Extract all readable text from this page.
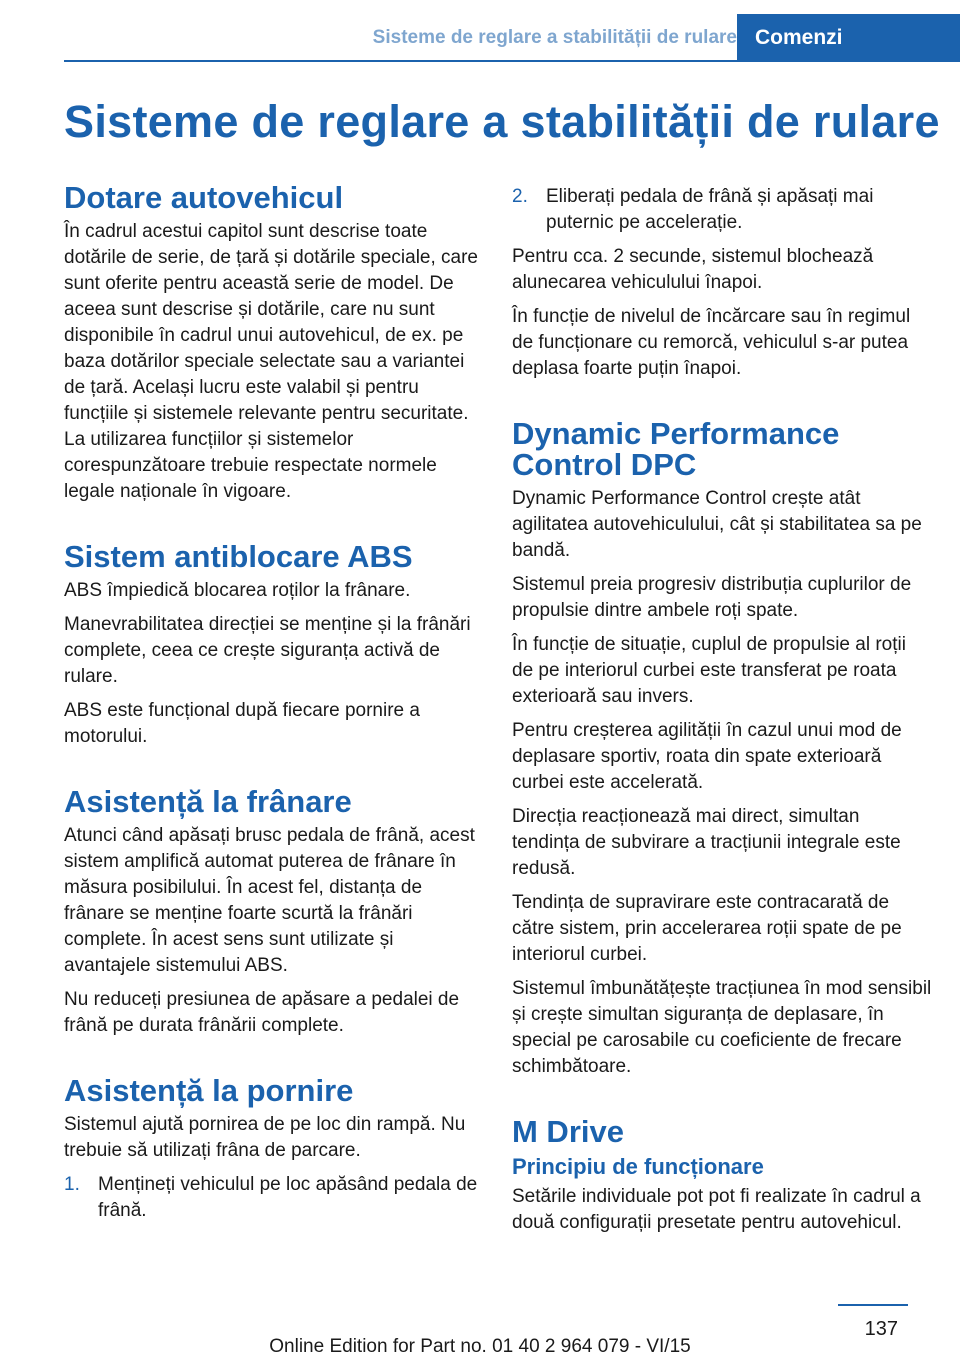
Sisteme de reglare a stabilității de rulare Comenzi
Sisteme de reglare a stabilității de rulare
Dotare autovehicul

În cadrul acestui capitol sunt descrise toate dotările de serie, de țară și dotările speciale, care sunt oferite pentru această serie de model. De aceea sunt descrise și dotările, care nu sunt disponibile în cadrul unui autovehicul, de ex. pe baza dotărilor speciale selectate sau a variantei de țară. Același lucru este valabil și pentru funcțiile și sistemele relevante pentru securitate. La utilizarea funcțiilor și sistemelor corespunzătoare trebuie respectate normele legale naționale în vigoare.

Sistem antiblocare ABS

ABS împiedică blocarea roților la frânare.

Manevrabilitatea direcției se menține și la frânări complete, ceea ce crește siguranța activă de rulare.

ABS este funcțional după fiecare pornire a motorului.

Asistență la frânare

Atunci când apăsați brusc pedala de frână, acest sistem amplifică automat puterea de frânare în măsura posibilului. În acest fel, distanța de frânare se menține foarte scurtă la frânări complete. În acest sens sunt utilizate și avantajele sistemului ABS.

Nu reduceți presiunea de apăsare a pedalei de frână pe durata frânării complete.

Asistență la pornire

Sistemul ajută pornirea de pe loc din rampă. Nu trebuie să utilizați frâna de parcare.

1. Mențineți vehiculul pe loc apăsând pedala de frână.
2. Eliberați pedala de frână și apăsați mai puternic pe accelerație.

Pentru cca. 2 secunde, sistemul blochează alunecarea vehiculului înapoi.

În funcție de nivelul de încărcare sau în regimul de funcționare cu remorcă, vehiculul s-ar putea deplasa foarte puțin înapoi.

Dynamic Performance Control DPC

Dynamic Performance Control crește atât agilitatea autovehiculului, cât și stabilitatea sa pe bandă.

Sistemul preia progresiv distribuția cuplurilor de propulsie dintre ambele roți spate.

În funcție de situație, cuplul de propulsie al roții de pe interiorul curbei este transferat pe roata exterioară sau invers.

Pentru creșterea agilității în cazul unui mod de deplasare sportiv, roata din spate exterioară curbei este accelerată.

Direcția reacționează mai direct, simultan tendința de subvirare a tracțiunii integrale este redusă.

Tendința de supravirare este contracarată de către sistem, prin accelerarea roții spate de pe interiorul curbei.

Sistemul îmbunătățește tracțiunea în mod sensibil și crește simultan siguranța de deplasare, în special pe carosabile cu coeficiente de frecare schimbătoare.

M Drive
Principiu de funcționare

Setările individuale pot pot fi realizate în cadrul a două configurații presetate pentru autovehicul.

137
Online Edition for Part no. 01 40 2 964 079 - VI/15
